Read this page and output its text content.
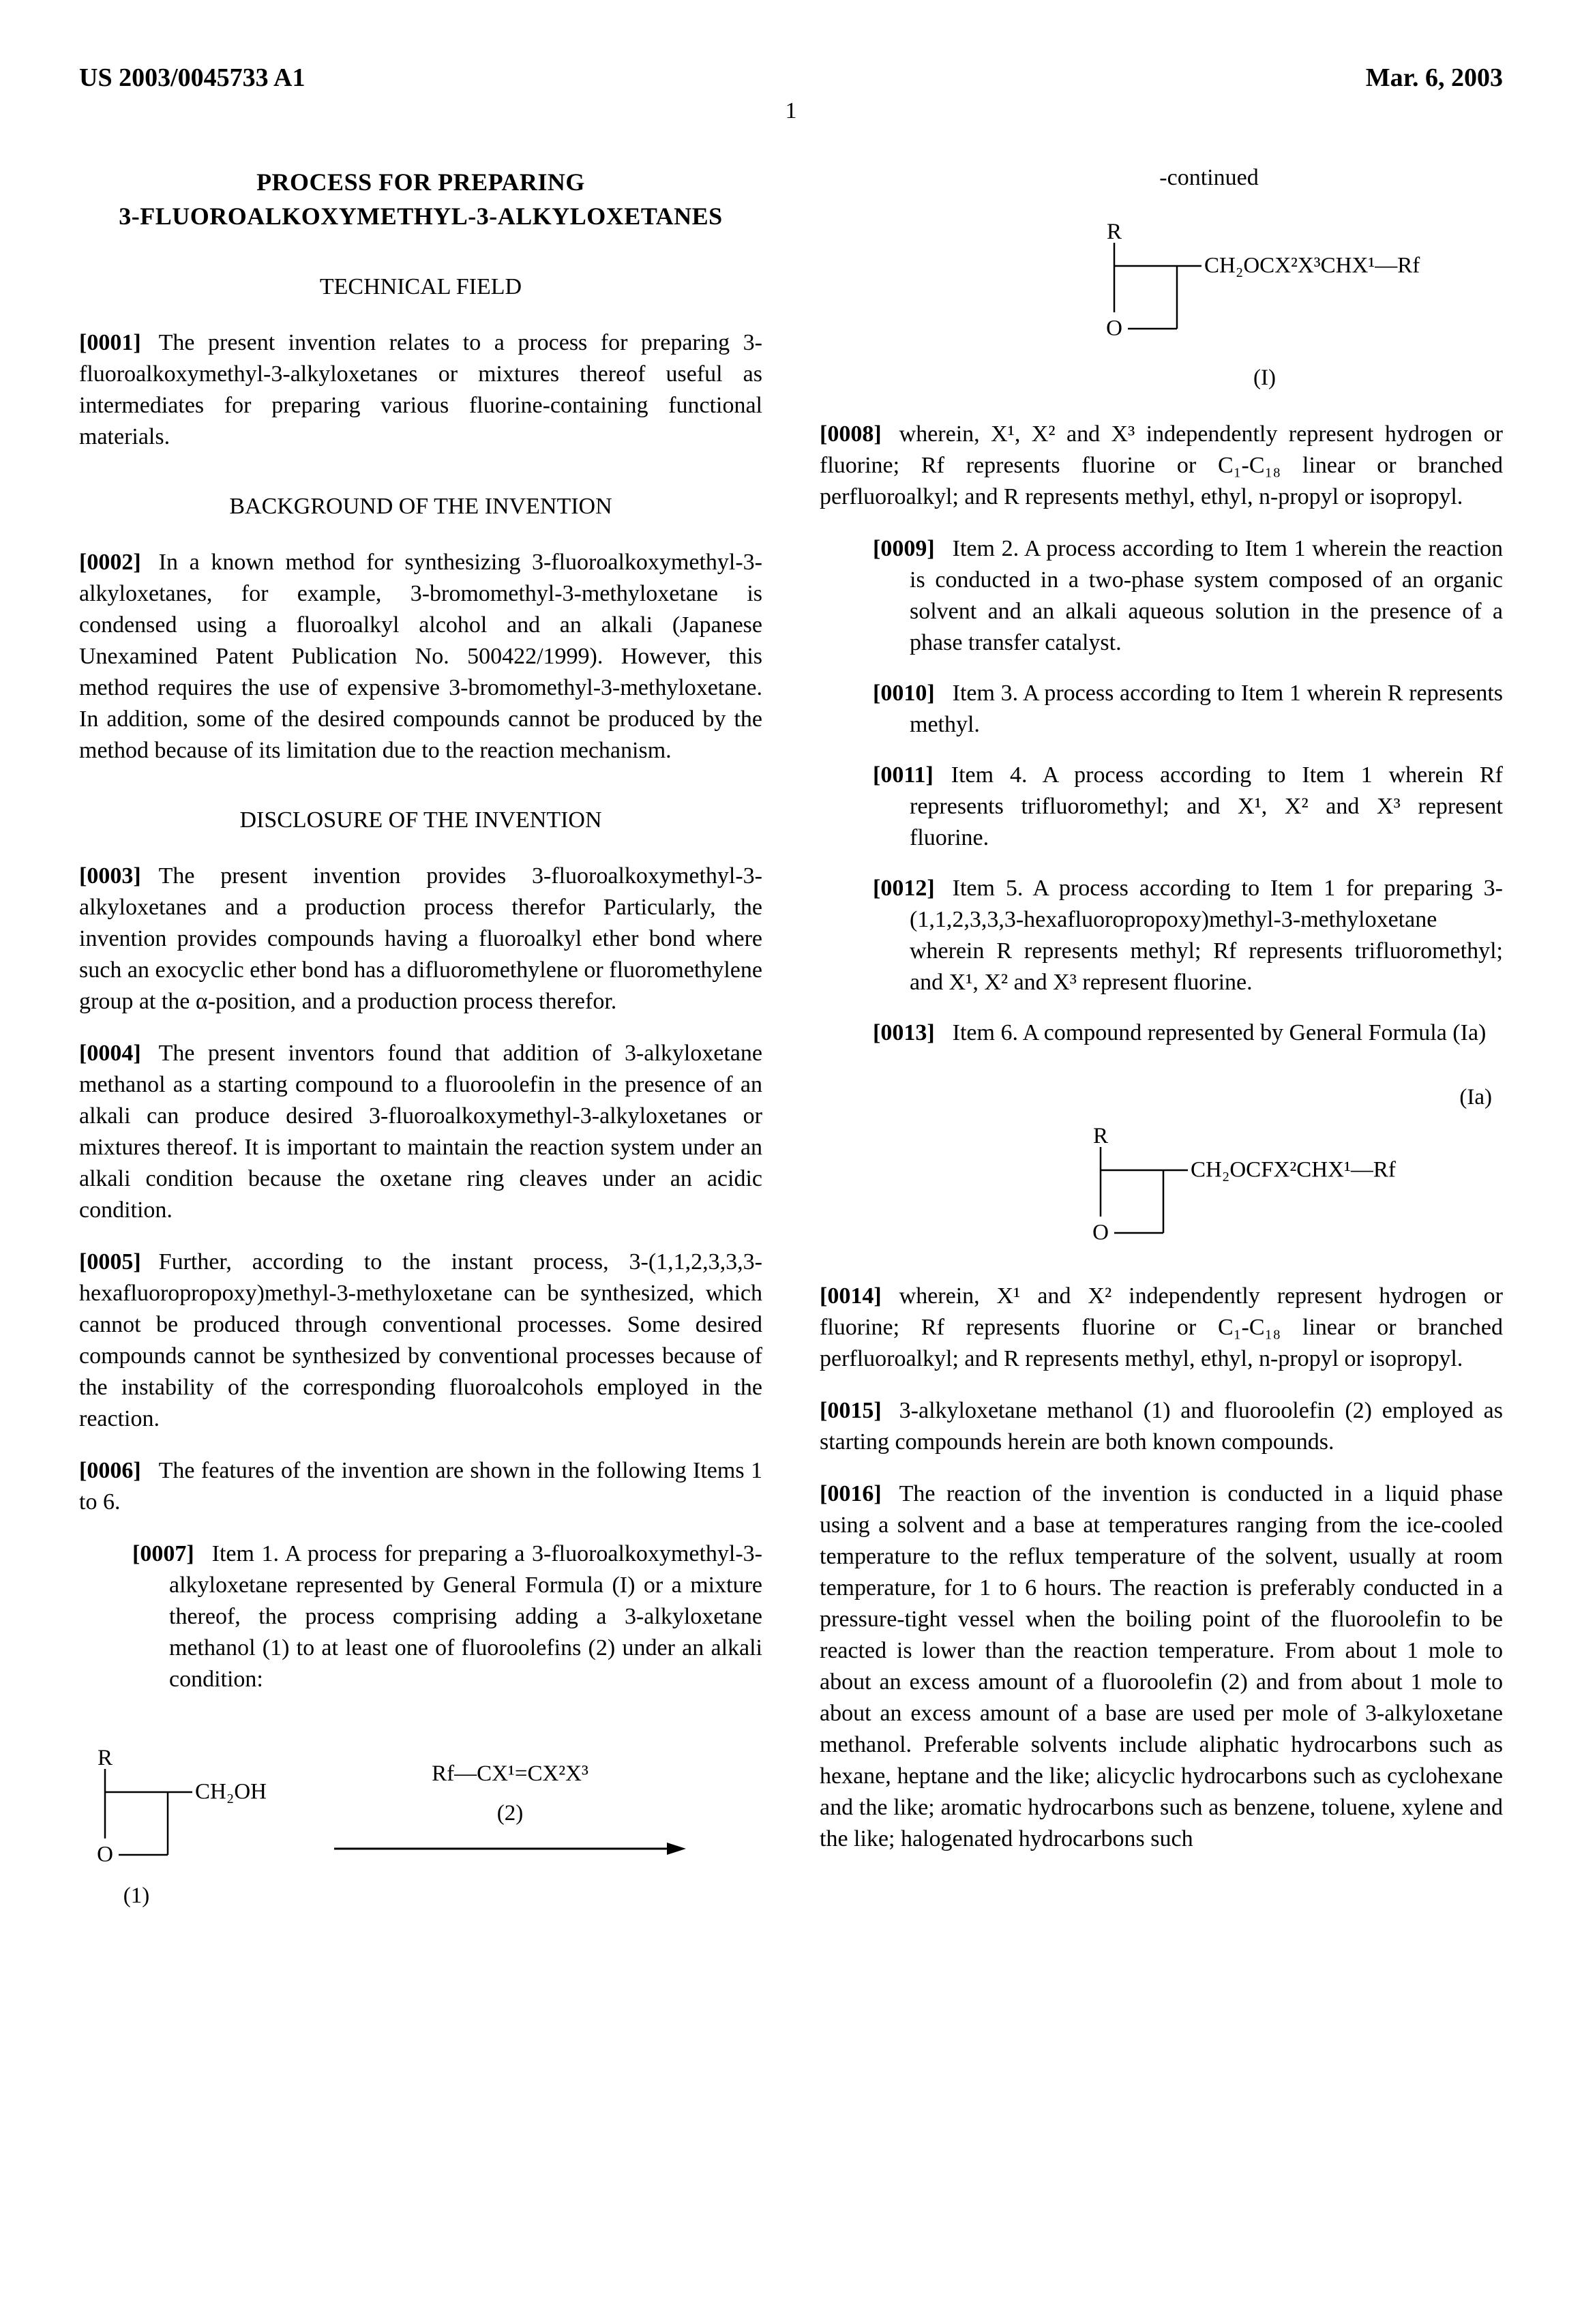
US 2003/0045733 A1	Mar. 6, 2003
1
PROCESS FOR PREPARING
3-FLUOROALKOXYMETHYL-3-ALKYLOXETANES
TECHNICAL FIELD

[0001] The present invention relates to a process for preparing 3-fluoroalkoxymethyl-3-alkyloxetanes or mixtures thereof useful as intermediates for preparing various fluorine-containing functional materials.

BACKGROUND OF THE INVENTION

[0002] In a known method for synthesizing 3-fluoroalkoxymethyl-3-alkyloxetanes, for example, 3-bromomethyl-3-methyloxetane is condensed using a fluoroalkyl alcohol and an alkali (Japanese Unexamined Patent Publication No. 500422/1999). However, this method requires the use of expensive 3-bromomethyl-3-methyloxetane. In addition, some of the desired compounds cannot be produced by the method because of its limitation due to the reaction mechanism.

DISCLOSURE OF THE INVENTION

[0003] The present invention provides 3-fluoroalkoxymethyl-3-alkyloxetanes and a production process therefor Particularly, the invention provides compounds having a fluoroalkyl ether bond where such an exocyclic ether bond has a difluoromethylene or fluoromethylene group at the α-position, and a production process therefor.

[0004] The present inventors found that addition of 3-alkyloxetane methanol as a starting compound to a fluoroolefin in the presence of an alkali can produce desired 3-fluoroalkoxymethyl-3-alkyloxetanes or mixtures thereof. It is important to maintain the reaction system under an alkali condition because the oxetane ring cleaves under an acidic condition.

[0005] Further, according to the instant process, 3-(1,1,2,3,3,3-hexafluoropropoxy)methyl-3-methyloxetane can be synthesized, which cannot be produced through conventional processes. Some desired compounds cannot be synthesized by conventional processes because of the instability of the corresponding fluoroalcohols employed in the reaction.

[0006] The features of the invention are shown in the following Items 1 to 6.

[0007] Item 1. A process for preparing a 3-fluoroalkoxymethyl-3-alkyloxetane represented by General Formula (I) or a mixture thereof, the process comprising adding a 3-alkyloxetane methanol (1) to at least one of fluoroolefins (2) under an alkali condition:

R
O
CH₂OH
(1)
Rf—CX¹=CX²X³
(2)
-continued
R
O
CH₂OCX²X³CHX¹—Rf
(I)

[0008] wherein, X¹, X² and X³ independently represent hydrogen or fluorine; Rf represents fluorine or C₁-C₁₈ linear or branched perfluoroalkyl; and R represents methyl, ethyl, n-propyl or isopropyl.

[0009] Item 2. A process according to Item 1 wherein the reaction is conducted in a two-phase system composed of an organic solvent and an alkali aqueous solution in the presence of a phase transfer catalyst.

[0010] Item 3. A process according to Item 1 wherein R represents methyl.

[0011] Item 4. A process according to Item 1 wherein Rf represents trifluoromethyl; and X¹, X² and X³ represent fluorine.

[0012] Item 5. A process according to Item 1 for preparing 3-(1,1,2,3,3,3-hexafluoropropoxy)methyl-3-methyloxetane wherein R represents methyl; Rf represents trifluoromethyl; and X¹, X² and X³ represent fluorine.

[0013] Item 6. A compound represented by General Formula (Ia)

(Ia)
R
O
CH₂OCFX²CHX¹—Rf

[0014] wherein, X¹ and X² independently represent hydrogen or fluorine; Rf represents fluorine or C₁-C₁₈ linear or branched perfluoroalkyl; and R represents methyl, ethyl, n-propyl or isopropyl.

[0015] 3-alkyloxetane methanol (1) and fluoroolefin (2) employed as starting compounds herein are both known compounds.

[0016] The reaction of the invention is conducted in a liquid phase using a solvent and a base at temperatures ranging from the ice-cooled temperature to the reflux temperature of the solvent, usually at room temperature, for 1 to 6 hours. The reaction is preferably conducted in a pressure-tight vessel when the boiling point of the fluoroolefin to be reacted is lower than the reaction temperature. From about 1 mole to about an excess amount of a fluoroolefin (2) and from about 1 mole to about an excess amount of a base are used per mole of 3-alkyloxetane methanol. Preferable solvents include aliphatic hydrocarbons such as hexane, heptane and the like; alicyclic hydrocarbons such as cyclohexane and the like; aromatic hydrocarbons such as benzene, toluene, xylene and the like; halogenated hydrocarbons such
